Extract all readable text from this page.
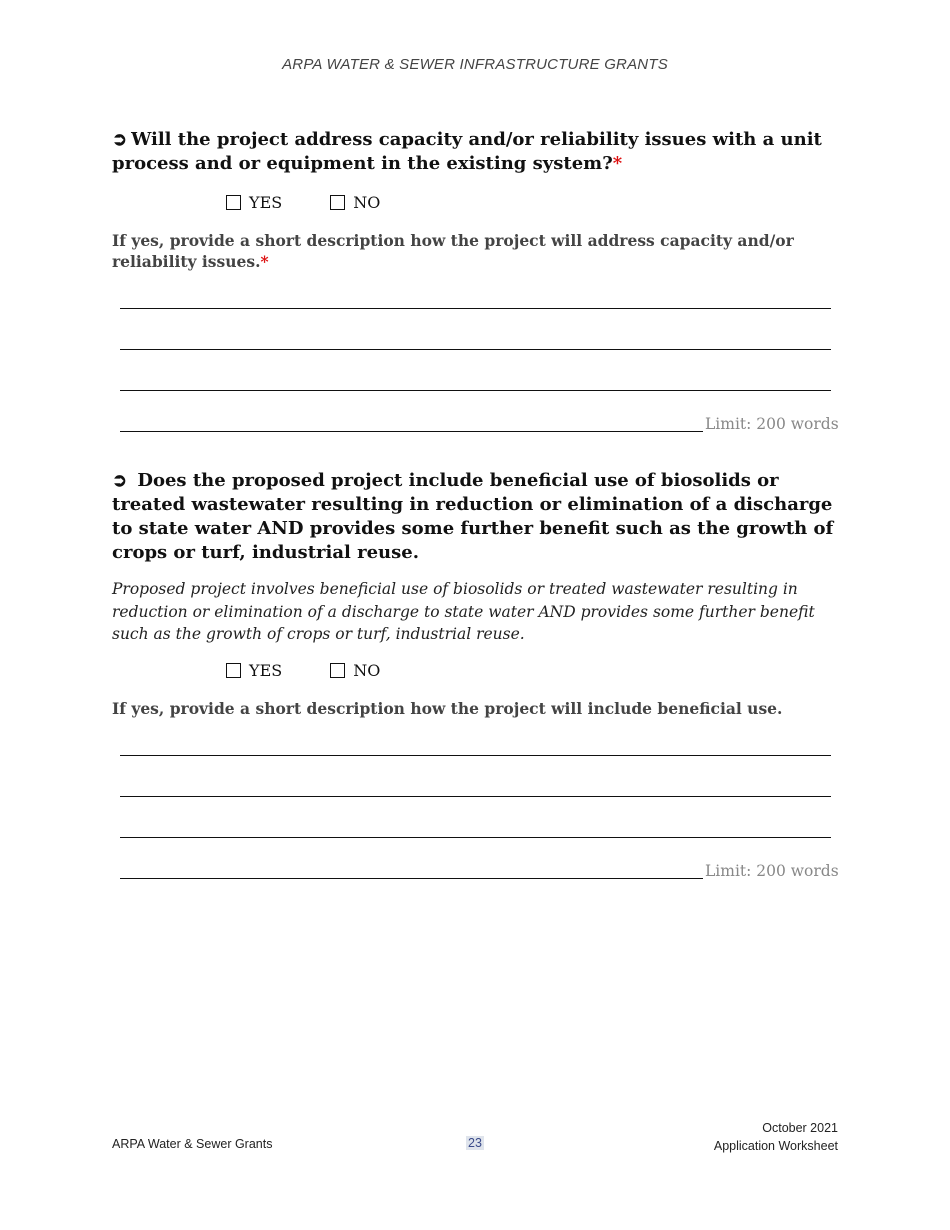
ARPA WATER & SEWER INFRASTRUCTURE GRANTS
➲ Will the project address capacity and/or reliability issues with a unit process and or equipment in the existing system?*
YES	NO
If yes, provide a short description how the project will address capacity and/or reliability issues.*
Limit: 200 words
➲ Does the proposed project include beneficial use of biosolids or treated wastewater resulting in reduction or elimination of a discharge to state water AND provides some further benefit such as the growth of crops or turf, industrial reuse.
Proposed project involves beneficial use of biosolids or treated wastewater resulting in reduction or elimination of a discharge to state water AND provides some further benefit such as the growth of crops or turf, industrial reuse.
YES	NO
If yes, provide a short description how the project will include beneficial use.
Limit: 200 words
ARPA Water & Sewer Grants	23
October 2021
Application Worksheet
